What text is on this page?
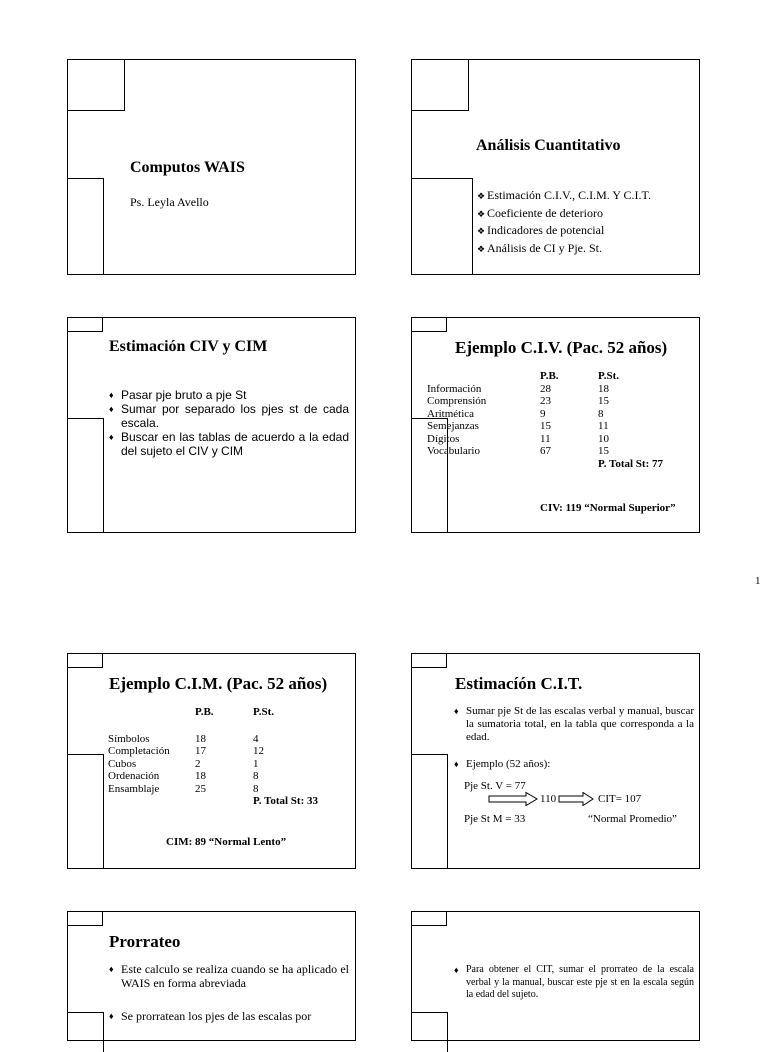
Computos WAIS
Ps. Leyla Avello
Análisis Cuantitativo
❖ Estimación C.I.V., C.I.M. Y C.I.T.
❖ Coeficiente de deterioro
❖ Indicadores de potencial
❖ Análisis de CI y Pje. St.
Estimación CIV y CIM
♦ Pasar pje bruto a pje St
♦ Sumar por separado los pjes st de cada escala.
♦ Buscar en las tablas de acuerdo a la edad del sujeto el CIV y CIM
Ejemplo C.I.V. (Pac. 52 años)
	P.B.	P.St.
Información	28	18
Comprensión	23	15
Aritmética	9	8
Semejanzas	15	11
Dígitos	11	10
Vocabulario	67	15
		P. Total St: 77
CIV: 119 “Normal Superior”
1
Ejemplo C.I.M. (Pac. 52 años)
	P.B.	P.St.

Símbolos	18	4
Completación	17	12
Cubos	2	1
Ordenación	18	8
Ensamblaje	25	8
		P. Total St: 33
CIM: 89 “Normal Lento”
Estimacíón C.I.T.
♦ Sumar pje St de las escalas verbal y manual, buscar la sumatoria total, en la tabla que corresponda a la edad.
♦ Ejemplo (52 años):
Pje St. V = 77
110	CIT= 107
Pje St M = 33	“Normal Promedio”
Prorrateo
♦ Este calculo se realiza cuando se ha aplicado el WAIS en forma abreviada
♦ Se prorratean los pjes de las escalas por
♦ Para obtener el CIT, sumar el prorrateo de la escala verbal y la manual, buscar este pje st en la escala según la edad del sujeto.
